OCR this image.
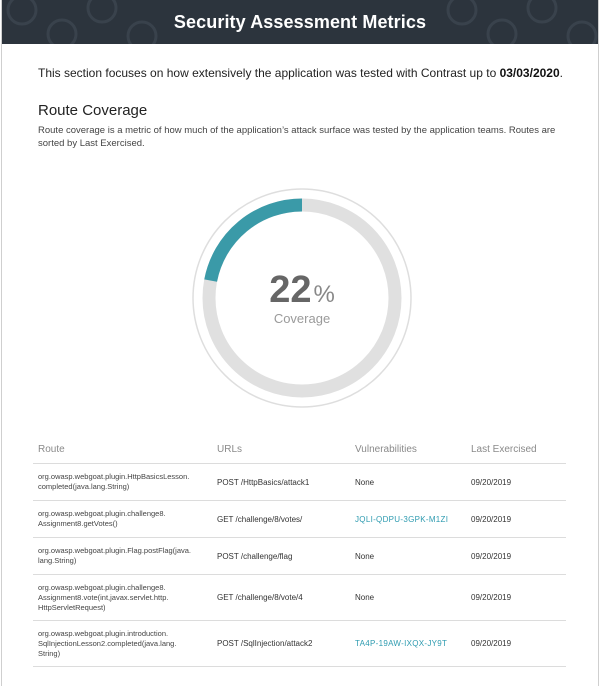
Security Assessment Metrics
This section focuses on how extensively the application was tested with Contrast up to 03/03/2020.
Route Coverage
Route coverage is a metric of how much of the application’s attack surface was tested by the application teams. Routes are sorted by Last Exercised.
22 %
Coverage
Route	URLs	Vulnerabilities	Last Exercised

org.owasp.webgoat.plugin.HttpBasicsLesson.
completed(java.lang.String)	POST /HttpBasics/attack1	None	09/20/2019

org.owasp.webgoat.plugin.challenge8.
Assignment8.getVotes()	GET /challenge/8/votes/	JQLI-QDPU-3GPK-M1ZI	09/20/2019

org.owasp.webgoat.plugin.Flag.postFlag(java.
lang.String)	POST /challenge/flag	None	09/20/2019

org.owasp.webgoat.plugin.challenge8.
Assignment8.vote(int,javax.servlet.http.
HttpServletRequest)	GET /challenge/8/vote/4	None	09/20/2019

org.owasp.webgoat.plugin.introduction.
SqlInjectionLesson2.completed(java.lang.
String)	POST /SqlInjection/attack2	TA4P-19AW-IXQX-JY9T	09/20/2019
